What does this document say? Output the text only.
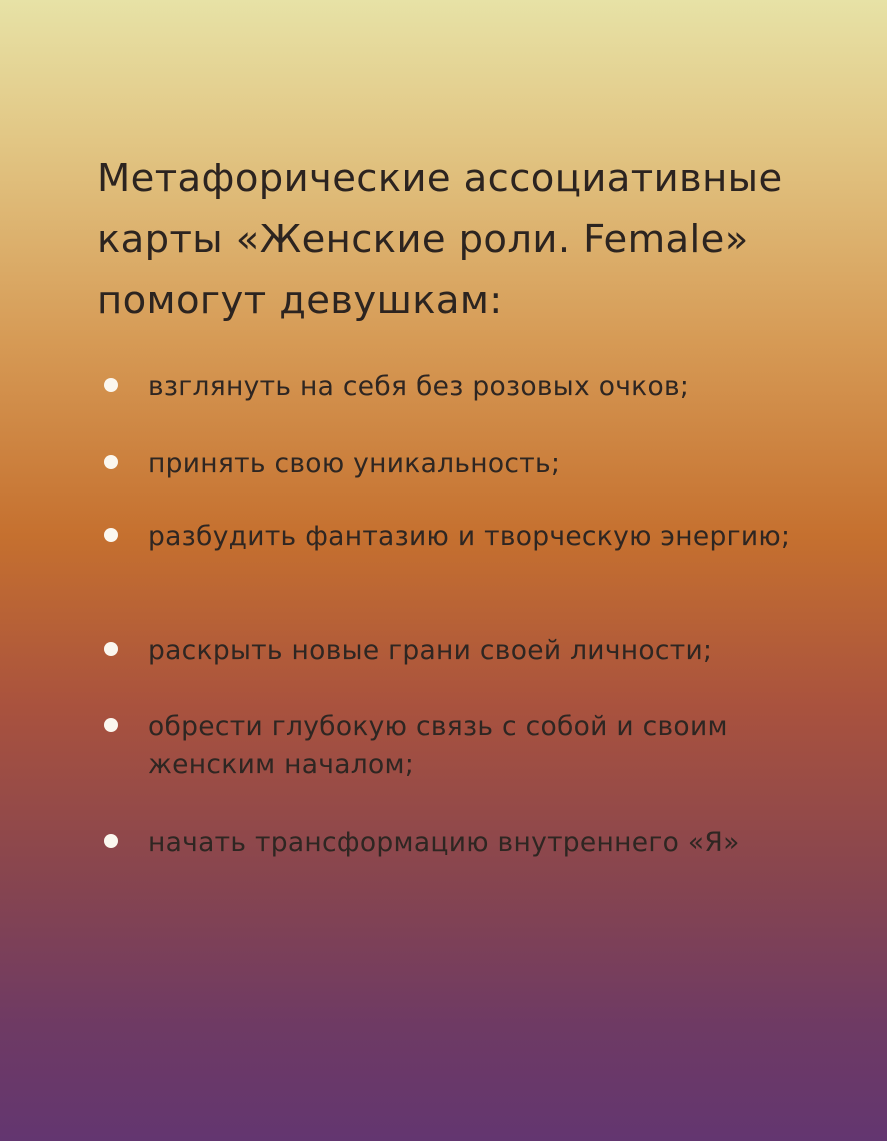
Метафорические ассоциативные
карты «Женские роли. Female»
помогут девушкам:
взглянуть на себя без розовых очков;
принять свою уникальность;
разбудить фантазию и творческую энергию;
раскрыть новые грани своей личности;
обрести глубокую связь с собой и своим женским началом;
начать трансформацию внутреннего «Я»
